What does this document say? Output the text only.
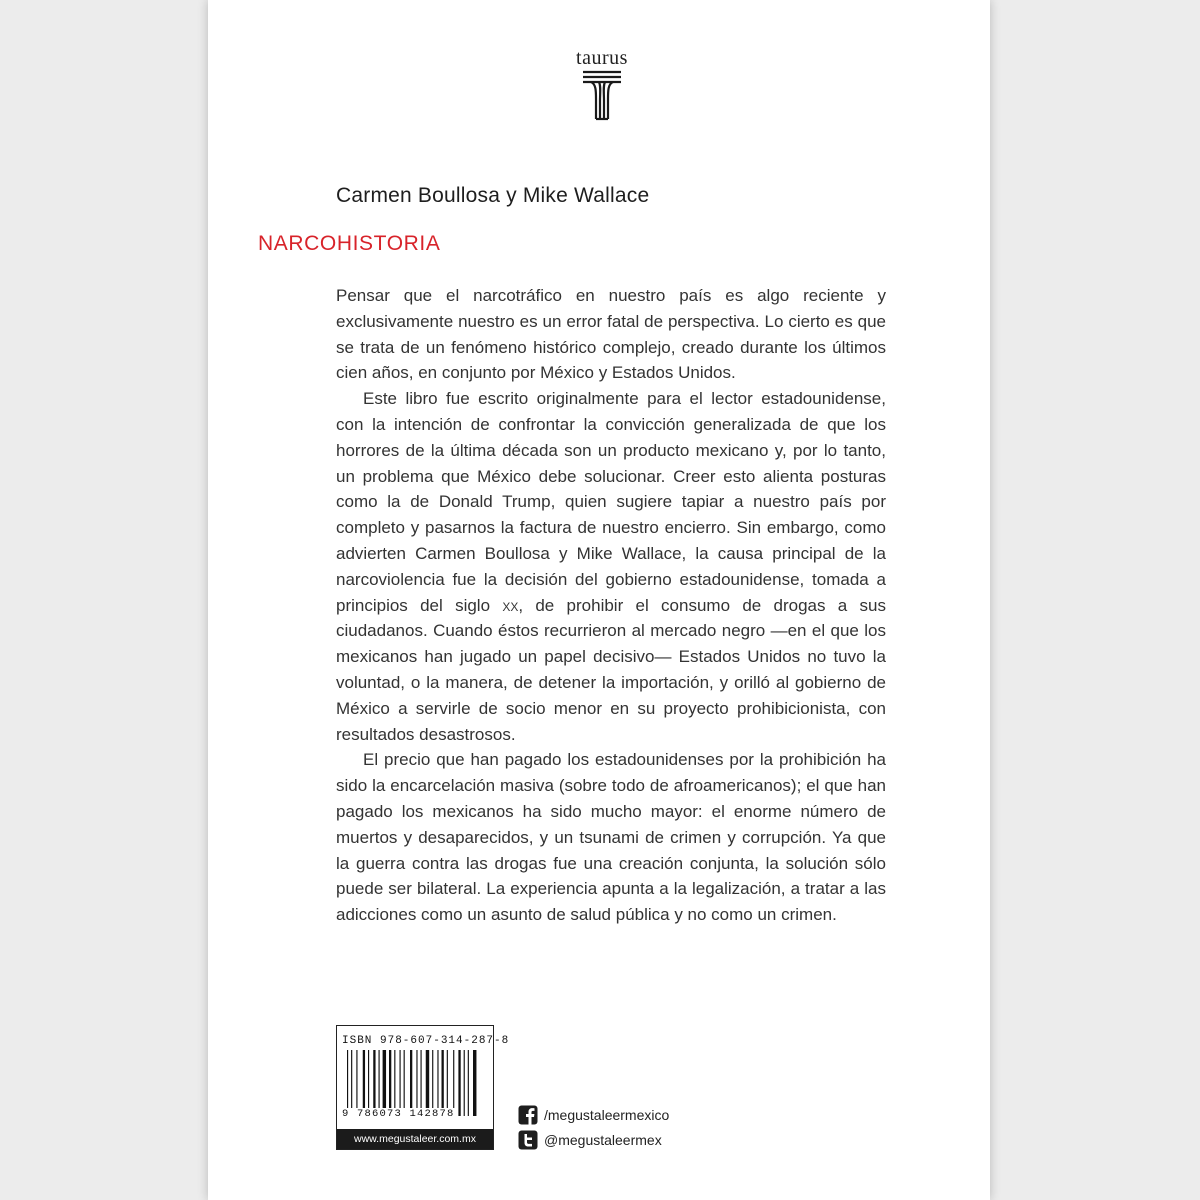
taurus
Carmen Boullosa y Mike Wallace
NARCOHISTORIA

Pensar que el narcotráfico en nuestro país es algo reciente y exclusivamente nuestro es un error fatal de perspectiva. Lo cierto es que se trata de un fenómeno histórico complejo, creado durante los últimos cien años, en conjunto por México y Estados Unidos.

Este libro fue escrito originalmente para el lector estadounidense, con la intención de confrontar la convicción generalizada de que los horrores de la última década son un producto mexicano y, por lo tanto, un problema que México debe solucionar. Creer esto alienta posturas como la de Donald Trump, quien sugiere tapiar a nuestro país por completo y pasarnos la factura de nuestro encierro. Sin embargo, como advierten Carmen Boullosa y Mike Wallace, la causa principal de la narcoviolencia fue la decisión del gobierno estadounidense, tomada a principios del siglo xx, de prohibir el consumo de drogas a sus ciudadanos. Cuando éstos recurrieron al mercado negro —en el que los mexicanos han jugado un papel decisivo— Estados Unidos no tuvo la voluntad, o la manera, de detener la importación, y orilló al gobierno de México a servirle de socio menor en su proyecto prohibicionista, con resultados desastrosos.

El precio que han pagado los estadounidenses por la prohibición ha sido la encarcelación masiva (sobre todo de afroamericanos); el que han pagado los mexicanos ha sido mucho mayor: el enorme número de muertos y desaparecidos, y un tsunami de crimen y corrupción. Ya que la guerra contra las drogas fue una creación conjunta, la solución sólo puede ser bilateral. La experiencia apunta a la legalización, a tratar a las adicciones como un asunto de salud pública y no como un crimen.

ISBN 978-607-314-287-8
9 786073 142878
www.megustaleer.com.mx
/megustaleermexico
@megustaleermex
